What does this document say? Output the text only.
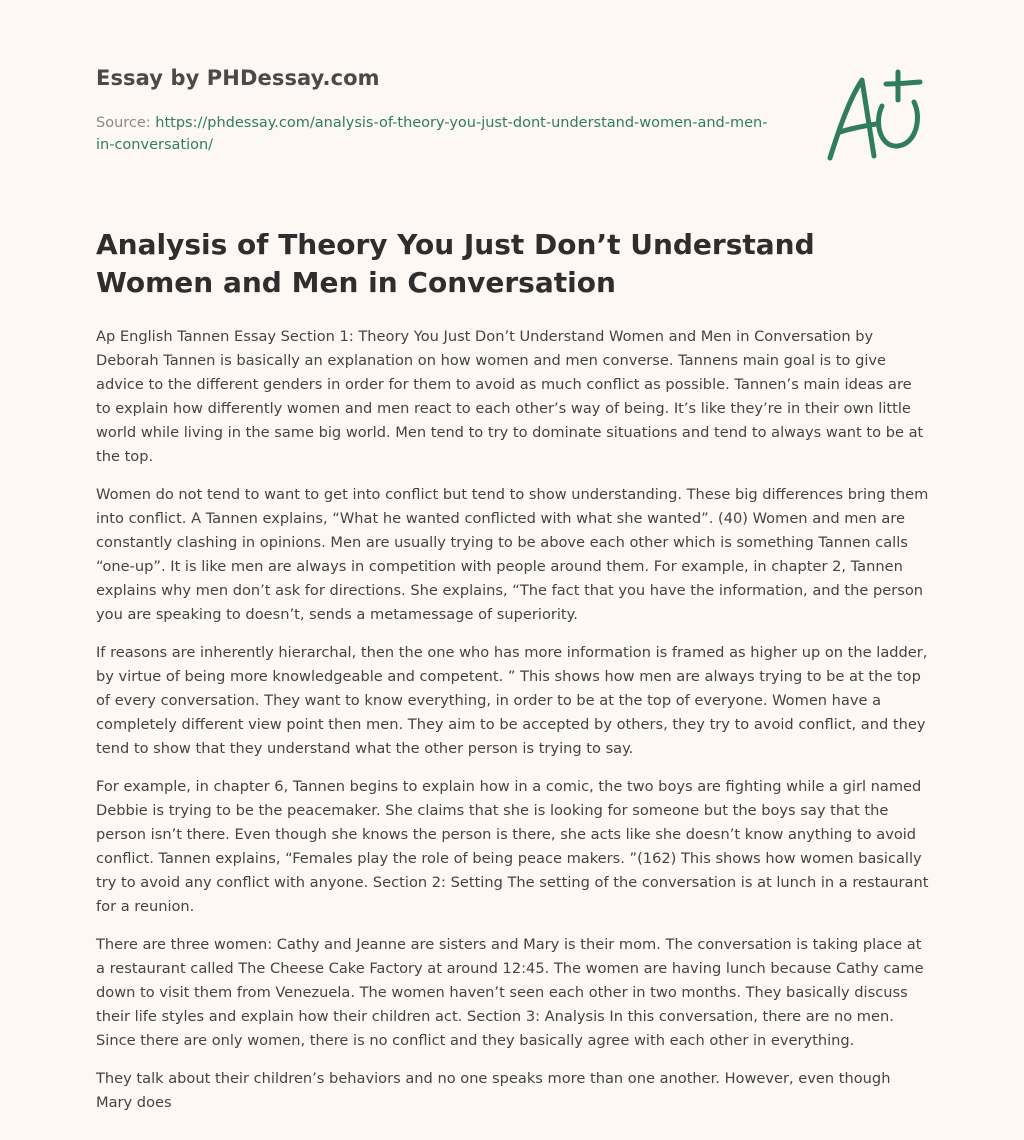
Essay by PHDessay.com
Source: https://phdessay.com/analysis-of-theory-you-just-dont-understand-women-and-men-in-conversation/
Analysis of Theory You Just Don’t Understand Women and Men in Conversation

Ap English Tannen Essay Section 1: Theory You Just Don’t Understand Women and Men in Conversation by Deborah Tannen is basically an explanation on how women and men converse. Tannens main goal is to give advice to the different genders in order for them to avoid as much conflict as possible. Tannen’s main ideas are to explain how differently women and men react to each other’s way of being. It’s like they’re in their own little world while living in the same big world. Men tend to try to dominate situations and tend to always want to be at the top.

Women do not tend to want to get into conflict but tend to show understanding. These big differences bring them into conflict. A Tannen explains, “What he wanted conflicted with what she wanted”. (40) Women and men are constantly clashing in opinions. Men are usually trying to be above each other which is something Tannen calls “one-up”. It is like men are always in competition with people around them. For example, in chapter 2, Tannen explains why men don’t ask for directions. She explains, “The fact that you have the information, and the person you are speaking to doesn’t, sends a metamessage of superiority.

If reasons are inherently hierarchal, then the one who has more information is framed as higher up on the ladder, by virtue of being more knowledgeable and competent. ” This shows how men are always trying to be at the top of every conversation. They want to know everything, in order to be at the top of everyone. Women have a completely different view point then men. They aim to be accepted by others, they try to avoid conflict, and they tend to show that they understand what the other person is trying to say.

For example, in chapter 6, Tannen begins to explain how in a comic, the two boys are fighting while a girl named Debbie is trying to be the peacemaker. She claims that she is looking for someone but the boys say that the person isn’t there. Even though she knows the person is there, she acts like she doesn’t know anything to avoid conflict. Tannen explains, “Females play the role of being peace makers. ”(162) This shows how women basically try to avoid any conflict with anyone. Section 2: Setting The setting of the conversation is at lunch in a restaurant for a reunion.

There are three women: Cathy and Jeanne are sisters and Mary is their mom. The conversation is taking place at a restaurant called The Cheese Cake Factory at around 12:45. The women are having lunch because Cathy came down to visit them from Venezuela. The women haven’t seen each other in two months. They basically discuss their life styles and explain how their children act. Section 3: Analysis In this conversation, there are no men. Since there are only women, there is no conflict and they basically agree with each other in everything.

They talk about their children’s behaviors and no one speaks more than one another. However, even though Mary does
